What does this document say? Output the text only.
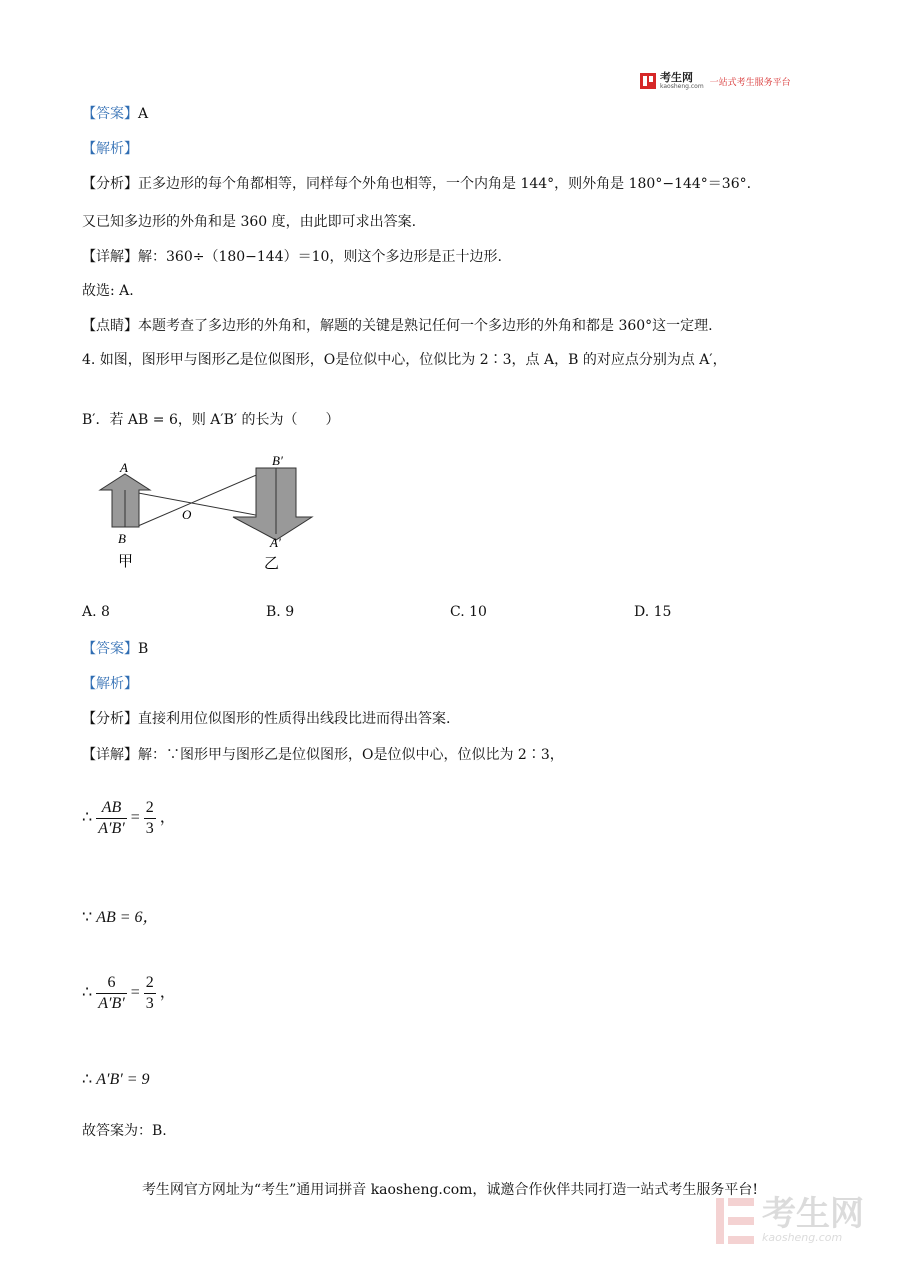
考生网
kaosheng.com 一站式考生服务平台
【答案】A
【解析】
【分析】正多边形的每个角都相等，同样每个外角也相等，一个内角是 144°，则外角是 180°−144°＝36°.
又已知多边形的外角和是 360 度，由此即可求出答案.
【详解】解：360÷（180−144）＝10，则这个多边形是正十边形.
故选: A.
【点睛】本题考查了多边形的外角和，解题的关键是熟记任何一个多边形的外角和都是 360°这一定理.
4. 如图，图形甲与图形乙是位似图形，O是位似中心，位似比为 2∶3，点 A，B 的对应点分别为点 A′，
B′．若 AB = 6，则 A′B′ 的长为（　　）
A
B
O
B′
A′
甲	乙
A. 8	B. 9	C. 10	D. 15
【答案】B
【解析】
【分析】直接利用位似图形的性质得出线段比进而得出答案.
【详解】解：∵图形甲与图形乙是位似图形，O是位似中心，位似比为 2∶3，
∴ $\frac{AB}{A'B'} = \frac{2}{3}$ ，
∵ AB = 6，
∴ $\frac{6}{A'B'} = \frac{2}{3}$ ，
∴ A′B′ = 9
故答案为：B.
考生网官方网址为“考生”通用词拼音 kaosheng.com，诚邀合作伙伴共同打造一站式考生服务平台!
考生网
kaosheng.com
